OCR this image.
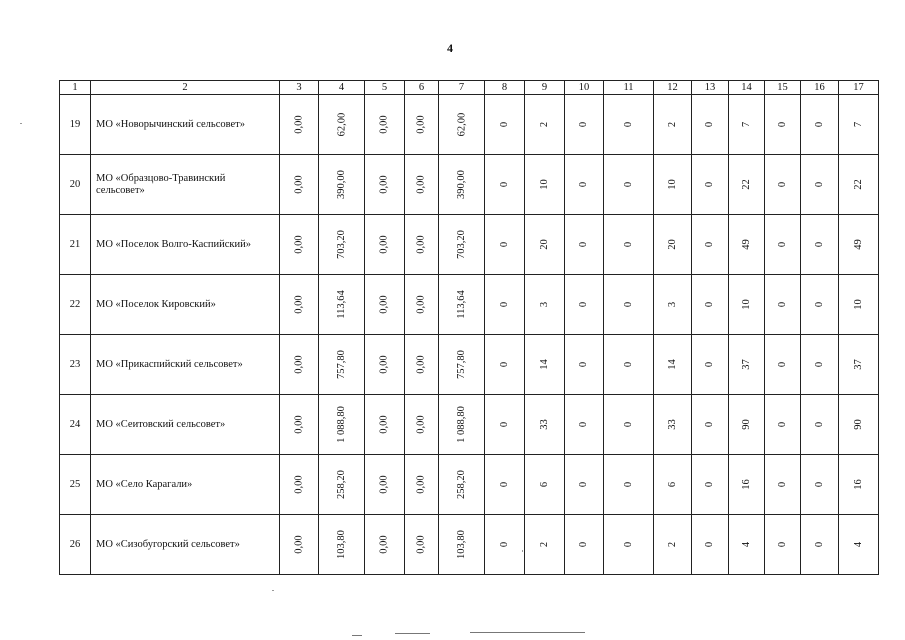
4
1	2	3	4	5	6	7	8	9	10	11	12	13	14	15	16	17
19	МО «Новорычинский сельсовет»	0,00	62,00	0,00	0,00	62,00	0	2	0	0	2	0	7	0	0	7
20	МО «Образцово-Травинский сельсовет»	0,00	390,00	0,00	0,00	390,00	0	10	0	0	10	0	22	0	0	22
21	МО «Поселок Волго-Каспийский»	0,00	703,20	0,00	0,00	703,20	0	20	0	0	20	0	49	0	0	49
22	МО «Поселок Кировский»	0,00	113,64	0,00	0,00	113,64	0	3	0	0	3	0	10	0	0	10
23	МО «Прикаспийский сельсовет»	0,00	757,80	0,00	0,00	757,80	0	14	0	0	14	0	37	0	0	37
24	МО «Сеитовский сельсовет»	0,00	1 088,80	0,00	0,00	1 088,80	0	33	0	0	33	0	90	0	0	90
25	МО «Село Карагали»	0,00	258,20	0,00	0,00	258,20	0	6	0	0	6	0	16	0	0	16
26	МО «Сизобугорский сельсовет»	0,00	103,80	0,00	0,00	103,80	0	2	0	0	2	0	4	0	0	4
